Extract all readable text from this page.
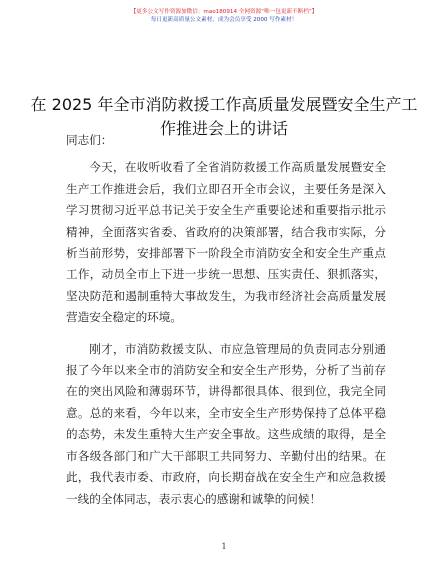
【更多公文写作资源加微信：mao180914 全网资源“唯一包更新不断档”】
每日更新高质量公文素材，成为会员享受 2000 写作素材！
在 2025 年全市消防救援工作高质量发展暨安全生产工作推进会上的讲话

同志们：

今天，在收听收看了全省消防救援工作高质量发展暨安全生产工作推进会后，我们立即召开全市会议，主要任务是深入学习贯彻习近平总书记关于安全生产重要论述和重要指示批示精神，全面落实省委、省政府的决策部署，结合我市实际，分析当前形势，安排部署下一阶段全市消防安全和安全生产重点工作，动员全市上下进一步统一思想、压实责任、狠抓落实，坚决防范和遏制重特大事故发生，为我市经济社会高质量发展营造安全稳定的环境。

刚才，市消防救援支队、市应急管理局的负责同志分别通报了今年以来全市的消防安全和安全生产形势，分析了当前存在的突出风险和薄弱环节，讲得都很具体、很到位，我完全同意。总的来看，今年以来，全市安全生产形势保持了总体平稳的态势，未发生重特大生产安全事故。这些成绩的取得，是全市各级各部门和广大干部职工共同努力、辛勤付出的结果。在此，我代表市委、市政府，向长期奋战在安全生产和应急救援一线的全体同志，表示衷心的感谢和诚挚的问候！

1
